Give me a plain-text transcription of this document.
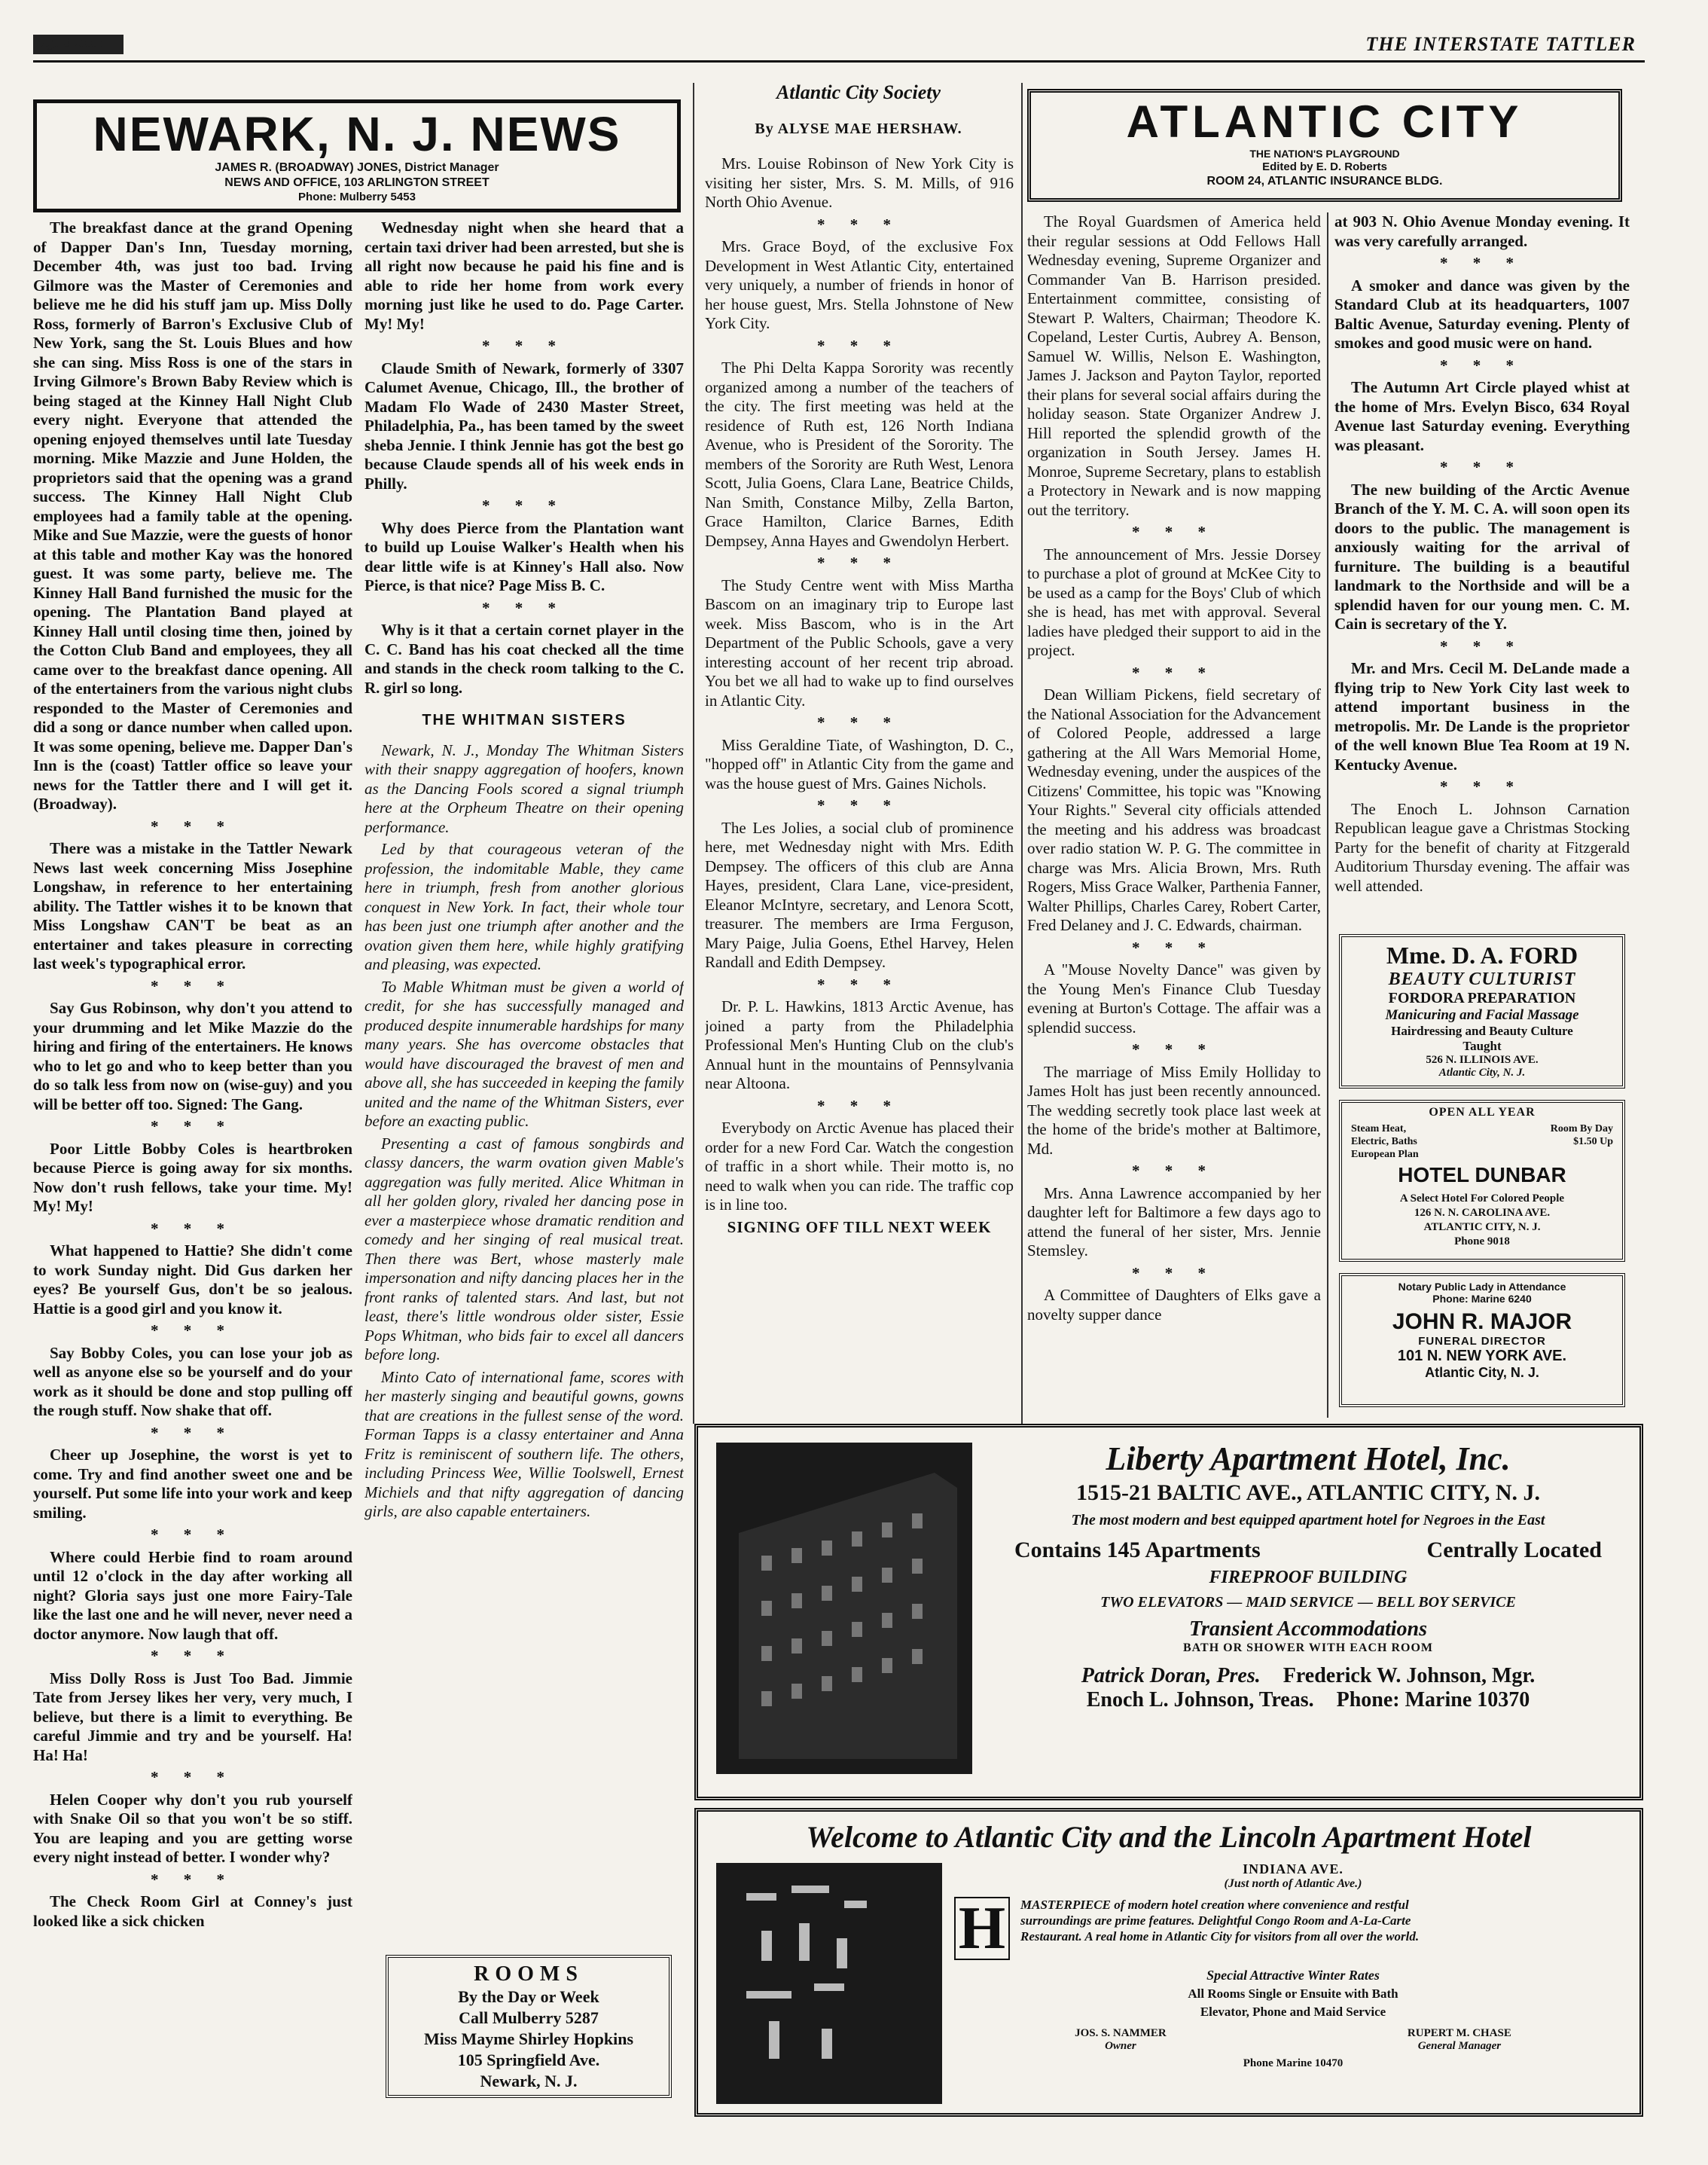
Page Sixteen	THE INTERSTATE TATTLER
NEWARK, N. J. NEWS
JAMES R. (BROADWAY) JONES, District Manager
NEWS AND OFFICE, 103 ARLINGTON STREET
Phone: Mulberry 5453

The breakfast dance at the grand Opening of Dapper Dan's Inn, Tuesday morning, December 4th, was just too bad. Irving Gilmore was the Master of Ceremonies and believe me he did his stuff jam up. Miss Dolly Ross, formerly of Barron's Exclusive Club of New York, sang the St. Louis Blues and how she can sing. Miss Ross is one of the stars in Irving Gilmore's Brown Baby Review which is being staged at the Kinney Hall Night Club every night. Everyone that attended the opening enjoyed themselves until late Tuesday morning. Mike Mazzie and June Holden, the proprietors said that the opening was a grand success. The Kinney Hall Night Club employees had a family table at the opening. Mike and Sue Mazzie, were the guests of honor at this table and mother Kay was the honored guest. It was some party, believe me. The Kinney Hall Band furnished the music for the opening. The Plantation Band played at Kinney Hall until closing time then, joined by the Cotton Club Band and employees, they all came over to the breakfast dance opening. All of the entertainers from the various night clubs responded to the Master of Ceremonies and did a song or dance number when called upon. It was some opening, believe me. Dapper Dan's Inn is the (coast) Tattler office so leave your news for the Tattler there and I will get it. (Broadway).

* * *

There was a mistake in the Tattler Newark News last week concerning Miss Josephine Longshaw, in reference to her entertaining ability. The Tattler wishes it to be known that Miss Longshaw CAN'T be beat as an entertainer and takes pleasure in correcting last week's typographical error.

* * *

Say Gus Robinson, why don't you attend to your drumming and let Mike Mazzie do the hiring and firing of the entertainers. He knows who to let go and who to keep better than you do so talk less from now on (wise-guy) and you will be better off too. Signed: The Gang.

* * *

Poor Little Bobby Coles is heartbroken because Pierce is going away for six months. Now don't rush fellows, take your time. My! My! My!

* * *

What happened to Hattie? She didn't come to work Sunday night. Did Gus darken her eyes? Be yourself Gus, don't be so jealous. Hattie is a good girl and you know it.

* * *

Say Bobby Coles, you can lose your job as well as anyone else so be yourself and do your work as it should be done and stop pulling off the rough stuff. Now shake that off.

* * *

Cheer up Josephine, the worst is yet to come. Try and find another sweet one and be yourself. Put some life into your work and keep smiling.

* * *

Where could Herbie find to roam around until 12 o'clock in the day after working all night? Gloria says just one more Fairy-Tale like the last one and he will never, never need a doctor anymore. Now laugh that off.

* * *

Miss Dolly Ross is Just Too Bad. Jimmie Tate from Jersey likes her very, very much, I believe, but there is a limit to everything. Be careful Jimmie and try and be yourself. Ha! Ha! Ha!

* * *

Helen Cooper why don't you rub yourself with Snake Oil so that you won't be so stiff. You are leaping and you are getting worse every night instead of better. I wonder why?

* * *

The Check Room Girl at Conney's just looked like a sick chicken

Wednesday night when she heard that a certain taxi driver had been arrested, but she is all right now because he paid his fine and is able to ride her home from work every morning just like he used to do. Page Carter. My! My!

* * *

Claude Smith of Newark, formerly of 3307 Calumet Avenue, Chicago, Ill., the brother of Madam Flo Wade of 2430 Master Street, Philadelphia, Pa., has been tamed by the sweet sheba Jennie. I think Jennie has got the best go because Claude spends all of his week ends in Philly.

* * *

Why does Pierce from the Plantation want to build up Louise Walker's Health when his dear little wife is at Kinney's Hall also. Now Pierce, is that nice? Page Miss B. C.

* * *

Why is it that a certain cornet player in the C. C. Band has his coat checked all the time and stands in the check room talking to the C. R. girl so long.

THE WHITMAN SISTERS

Newark, N. J., Monday The Whitman Sisters with their snappy aggregation of hoofers, known as the Dancing Fools scored a signal triumph here at the Orpheum Theatre on their opening performance.

Led by that courageous veteran of the profession, the indomitable Mable, they came here in triumph, fresh from another glorious conquest in New York. In fact, their whole tour has been just one triumph after another and the ovation given them here, while highly gratifying and pleasing, was expected.

To Mable Whitman must be given a world of credit, for she has successfully managed and produced despite innumerable hardships for many many years. She has overcome obstacles that would have discouraged the bravest of men and above all, she has succeeded in keeping the family united and the name of the Whitman Sisters, ever before an exacting public.

Presenting a cast of famous songbirds and classy dancers, the warm ovation given Mable's aggregation was fully merited. Alice Whitman in all her golden glory, rivaled her dancing pose in ever a masterpiece whose dramatic rendition and comedy and her singing of real musical treat. Then there was Bert, whose masterly male impersonation and nifty dancing places her in the front ranks of talented stars. And last, but not least, there's little wondrous older sister, Essie Pops Whitman, who bids fair to excel all dancers before long.

Minto Cato of international fame, scores with her masterly singing and beautiful gowns, gowns that are creations in the fullest sense of the word. Forman Tapps is a classy entertainer and Anna Fritz is reminiscent of southern life. The others, including Princess Wee, Willie Toolswell, Ernest Michiels and that nifty aggregation of dancing girls, are also capable entertainers.

ROOMS
By the Day or Week
Call Mulberry 5287
Miss Mayme Shirley Hopkins
105 Springfield Ave.
Newark, N. J.
Atlantic City Society
By ALYSE MAE HERSHAW.

Mrs. Louise Robinson of New York City is visiting her sister, Mrs. S. M. Mills, of 916 North Ohio Avenue.

* * *

Mrs. Grace Boyd, of the exclusive Fox Development in West Atlantic City, entertained very uniquely, a number of friends in honor of her house guest, Mrs. Stella Johnstone of New York City.

* * *

The Phi Delta Kappa Sorority was recently organized among a number of the teachers of the city. The first meeting was held at the residence of Ruth est, 126 North Indiana Avenue, who is President of the Sorority. The members of the Sorority are Ruth West, Lenora Scott, Julia Goens, Clara Lane, Beatrice Childs, Nan Smith, Constance Milby, Zella Barton, Grace Hamilton, Clarice Barnes, Edith Dempsey, Anna Hayes and Gwendolyn Herbert.

* * *

The Study Centre went with Miss Martha Bascom on an imaginary trip to Europe last week. Miss Bascom, who is in the Art Department of the Public Schools, gave a very interesting account of her recent trip abroad. You bet we all had to wake up to find ourselves in Atlantic City.

* * *

Miss Geraldine Tiate, of Washington, D. C., "hopped off" in Atlantic City from the game and was the house guest of Mrs. Gaines Nichols.

* * *

The Les Jolies, a social club of prominence here, met Wednesday night with Mrs. Edith Dempsey. The officers of this club are Anna Hayes, president, Clara Lane, vice-president, Eleanor McIntyre, secretary, and Lenora Scott, treasurer. The members are Irma Ferguson, Mary Paige, Julia Goens, Ethel Harvey, Helen Randall and Edith Dempsey.

* * *

Dr. P. L. Hawkins, 1813 Arctic Avenue, has joined a party from the Philadelphia Professional Men's Hunting Club on the club's Annual hunt in the mountains of Pennsylvania near Altoona.

* * *

Everybody on Arctic Avenue has placed their order for a new Ford Car. Watch the congestion of traffic in a short while. Their motto is, no need to walk when you can ride. The traffic cop is in line too.

SIGNING OFF TILL NEXT WEEK
ATLANTIC CITY
THE NATION'S PLAYGROUND
Edited by E. D. Roberts
ROOM 24, ATLANTIC INSURANCE BLDG.

The Royal Guardsmen of America held their regular sessions at Odd Fellows Hall Wednesday evening, Supreme Organizer and Commander Van B. Harrison presided. Entertainment committee, consisting of Stewart P. Walters, Chairman; Theodore K. Copeland, Lester Curtis, Aubrey A. Benson, Samuel W. Willis, Nelson E. Washington, James J. Jackson and Payton Taylor, reported their plans for several social affairs during the holiday season. State Organizer Andrew J. Hill reported the splendid growth of the organization in South Jersey. James H. Monroe, Supreme Secretary, plans to establish a Protectory in Newark and is now mapping out the territory.

* * *

The announcement of Mrs. Jessie Dorsey to purchase a plot of ground at McKee City to be used as a camp for the Boys' Club of which she is head, has met with approval. Several ladies have pledged their support to aid in the project.

* * *

Dean William Pickens, field secretary of the National Association for the Advancement of Colored People, addressed a large gathering at the All Wars Memorial Home, Wednesday evening, under the auspices of the Citizens' Committee, his topic was "Knowing Your Rights." Several city officials attended the meeting and his address was broadcast over radio station W. P. G. The committee in charge was Mrs. Alicia Brown, Mrs. Ruth Rogers, Miss Grace Walker, Parthenia Fanner, Walter Phillips, Charles Carey, Robert Carter, Fred Delaney and J. C. Edwards, chairman.

* * *

A "Mouse Novelty Dance" was given by the Young Men's Finance Club Tuesday evening at Burton's Cottage. The affair was a splendid success.

* * *

The marriage of Miss Emily Holliday to James Holt has just been recently announced. The wedding secretly took place last week at the home of the bride's mother at Baltimore, Md.

* * *

Mrs. Anna Lawrence accompanied by her daughter left for Baltimore a few days ago to attend the funeral of her sister, Mrs. Jennie Stemsley.

* * *

A Committee of Daughters of Elks gave a novelty supper dance

at 903 N. Ohio Avenue Monday evening. It was very carefully arranged.

* * *

A smoker and dance was given by the Standard Club at its headquarters, 1007 Baltic Avenue, Saturday evening. Plenty of smokes and good music were on hand.

* * *

The Autumn Art Circle played whist at the home of Mrs. Evelyn Bisco, 634 Royal Avenue last Saturday evening. Everything was pleasant.

* * *

The new building of the Arctic Avenue Branch of the Y. M. C. A. will soon open its doors to the public. The management is anxiously waiting for the arrival of furniture. The building is a beautiful landmark to the Northside and will be a splendid haven for our young men. C. M. Cain is secretary of the Y.

* * *

Mr. and Mrs. Cecil M. DeLande made a flying trip to New York City last week to attend important business in the metropolis. Mr. De Lande is the proprietor of the well known Blue Tea Room at 19 N. Kentucky Avenue.

* * *

The Enoch L. Johnson Carnation Republican league gave a Christmas Stocking Party for the benefit of charity at Fitzgerald Auditorium Thursday evening. The affair was well attended.

Mme. D. A. FORD
BEAUTY CULTURIST
FORDORA PREPARATION
Manicuring and Facial Massage
Hairdressing and Beauty Culture
Taught
526 N. ILLINOIS AVE.
Atlantic City, N. J.
OPEN ALL YEAR
Steam Heat,
Electric, Baths
European Plan
Room By Day
$1.50 Up
HOTEL DUNBAR
A Select Hotel For Colored People
126 N. N. CAROLINA AVE.
ATLANTIC CITY, N. J.
Phone 9018
Notary Public Lady in Attendance
Phone: Marine 6240
JOHN R. MAJOR
FUNERAL DIRECTOR
101 N. NEW YORK AVE.
Atlantic City, N. J.
Liberty Apartment Hotel, Inc.
1515-21 BALTIC AVE., ATLANTIC CITY, N. J.
The most modern and best equipped apartment hotel for Negroes in the East
Contains 145 Apartments	Centrally Located
FIREPROOF BUILDING
TWO ELEVATORS — MAID SERVICE — BELL BOY SERVICE
Transient Accommodations
BATH OR SHOWER WITH EACH ROOM
Patrick Doran, Pres. Frederick W. Johnson, Mgr.
Enoch L. Johnson, Treas. Phone: Marine 10370
Welcome to Atlantic City and the Lincoln Apartment Hotel
INDIANA AVE.
(Just north of Atlantic Ave.)
H	MASTERPIECE of modern hotel creation where convenience and restful surroundings are prime features. Delightful Congo Room and A-La-Carte Restaurant. A real home in Atlantic City for visitors from all over the world.
Special Attractive Winter Rates
All Rooms Single or Ensuite with Bath
Elevator, Phone and Maid Service
JOS. S. NAMMER
Owner
RUPERT M. CHASE
General Manager
Phone Marine 10470
